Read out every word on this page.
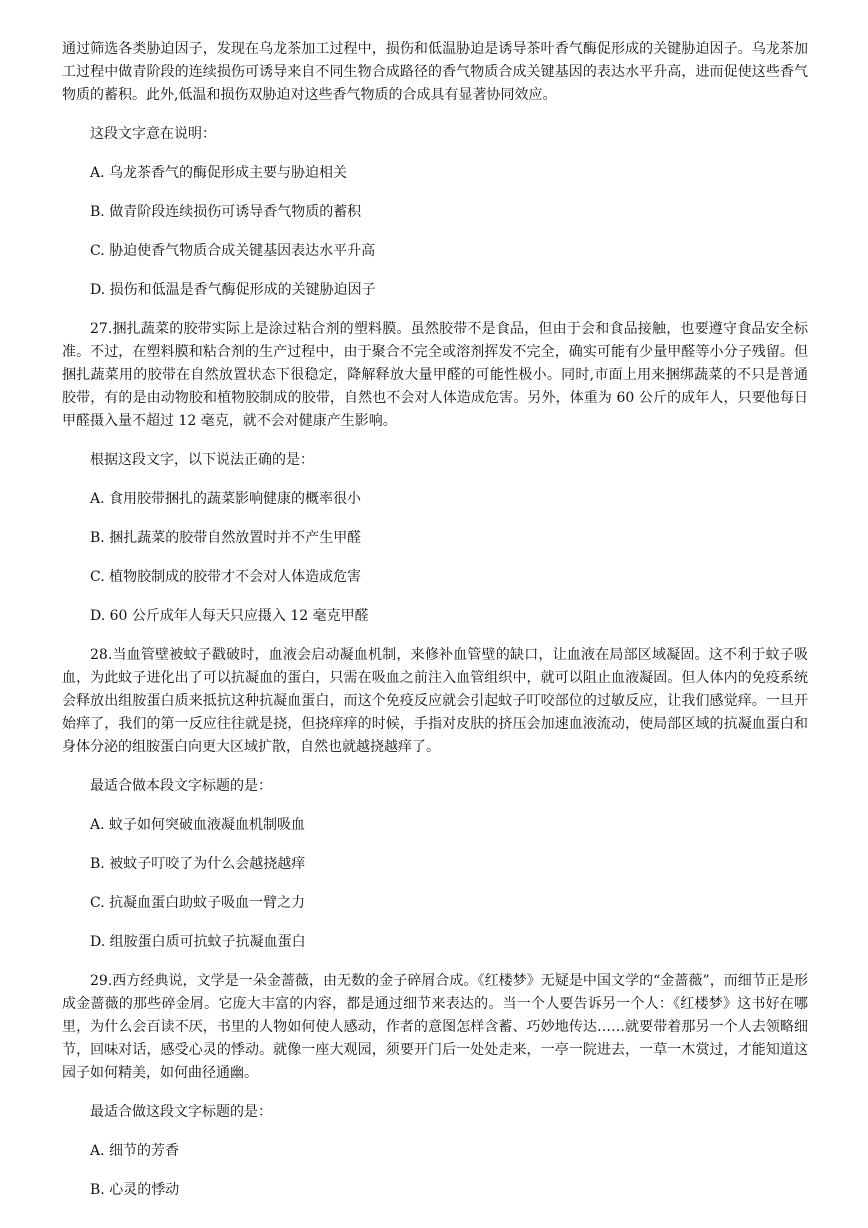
通过筛选各类胁迫因子，发现在乌龙茶加工过程中，损伤和低温胁迫是诱导茶叶香气酶促形成的关键胁迫因子。乌龙茶加工过程中做青阶段的连续损伤可诱导来自不同生物合成路径的香气物质合成关键基因的表达水平升高，进而促使这些香气物质的蓄积。此外,低温和损伤双胁迫对这些香气物质的合成具有显著协同效应。

这段文字意在说明：

A. 乌龙茶香气的酶促形成主要与胁迫相关

B. 做青阶段连续损伤可诱导香气物质的蓄积

C. 胁迫使香气物质合成关键基因表达水平升高

D. 损伤和低温是香气酶促形成的关键胁迫因子

27.捆扎蔬菜的胶带实际上是涂过粘合剂的塑料膜。虽然胶带不是食品，但由于会和食品接触，也要遵守食品安全标准。不过，在塑料膜和粘合剂的生产过程中，由于聚合不完全或溶剂挥发不完全，确实可能有少量甲醛等小分子残留。但捆扎蔬菜用的胶带在自然放置状态下很稳定，降解释放大量甲醛的可能性极小。同时,市面上用来捆绑蔬菜的不只是普通胶带，有的是由动物胶和植物胶制成的胶带，自然也不会对人体造成危害。另外，体重为 60 公斤的成年人，只要他每日甲醛摄入量不超过 12 毫克，就不会对健康产生影响。

根据这段文字，以下说法正确的是：

A. 食用胶带捆扎的蔬菜影响健康的概率很小

B. 捆扎蔬菜的胶带自然放置时并不产生甲醛

C. 植物胶制成的胶带才不会对人体造成危害

D. 60 公斤成年人每天只应摄入 12 毫克甲醛

28.当血管壁被蚊子戳破时，血液会启动凝血机制，来修补血管壁的缺口，让血液在局部区域凝固。这不利于蚊子吸血，为此蚊子进化出了可以抗凝血的蛋白，只需在吸血之前注入血管组织中，就可以阻止血液凝固。但人体内的免疫系统会释放出组胺蛋白质来抵抗这种抗凝血蛋白，而这个免疫反应就会引起蚊子叮咬部位的过敏反应，让我们感觉痒。一旦开始痒了，我们的第一反应往往就是挠，但挠痒痒的时候，手指对皮肤的挤压会加速血液流动，使局部区域的抗凝血蛋白和身体分泌的组胺蛋白向更大区域扩散，自然也就越挠越痒了。

最适合做本段文字标题的是：

A. 蚊子如何突破血液凝血机制吸血

B. 被蚊子叮咬了为什么会越挠越痒

C. 抗凝血蛋白助蚊子吸血一臂之力

D. 组胺蛋白质可抗蚊子抗凝血蛋白

29.西方经典说，文学是一朵金蔷薇，由无数的金子碎屑合成。《红楼梦》无疑是中国文学的“金蔷薇”，而细节正是形成金蔷薇的那些碎金屑。它庞大丰富的内容，都是通过细节来表达的。当一个人要告诉另一个人：《红楼梦》这书好在哪里，为什么会百读不厌，书里的人物如何使人感动，作者的意图怎样含蓄、巧妙地传达……就要带着那另一个人去领略细节，回味对话，感受心灵的悸动。就像一座大观园，须要开门后一处处走来，一亭一院进去，一草一木赏过，才能知道这园子如何精美，如何曲径通幽。

最适合做这段文字标题的是：

A. 细节的芳香

B. 心灵的悸动
